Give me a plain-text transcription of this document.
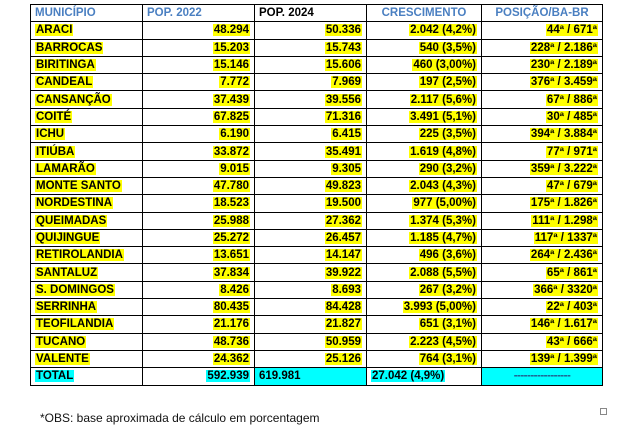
MUNICÍPIO	POP. 2022	POP. 2024	CRESCIMENTO	POSIÇÃO/BA-BR
ARACI	48.294	50.336	2.042 (4,2%)	44ª / 671ª
BARROCAS	15.203	15.743	540 (3,5%)	228ª / 2.186ª
BIRITINGA	15.146	15.606	460 (3,00%)	230ª / 2.189ª
CANDEAL	7.772	7.969	197 (2,5%)	376ª / 3.459ª
CANSANÇÃO	37.439	39.556	2.117 (5,6%)	67ª / 886ª
COITÉ	67.825	71.316	3.491 (5,1%)	30ª / 485ª
ICHU	6.190	6.415	225 (3,5%)	394ª / 3.884ª
ITIÚBA	33.872	35.491	1.619 (4,8%)	77ª / 971ª
LAMARÃO	9.015	9.305	290 (3,2%)	359ª / 3.222ª
MONTE SANTO	47.780	49.823	2.043 (4,3%)	47ª / 679ª
NORDESTINA	18.523	19.500	977 (5,00%)	175ª / 1.826ª
QUEIMADAS	25.988	27.362	1.374 (5,3%)	111ª / 1.298ª
QUIJINGUE	25.272	26.457	1.185 (4,7%)	117ª / 1337ª
RETIROLANDIA	13.651	14.147	496 (3,6%)	264ª / 2.436ª
SANTALUZ	37.834	39.922	2.088 (5,5%)	65ª / 861ª
S. DOMINGOS	8.426	8.693	267 (3,2%)	366ª / 3320ª
SERRINHA	80.435	84.428	3.993 (5,00%)	22ª / 403ª
TEOFILANDIA	21.176	21.827	651 (3,1%)	146ª / 1.617ª
TUCANO	48.736	50.959	2.223 (4,5%)	43ª / 666ª
VALENTE	24.362	25.126	764 (3,1%)	139ª / 1.399ª
TOTAL	592.939	619.981	27.042 (4,9%)	-----------------
*OBS: base aproximada de cálculo em porcentagem
